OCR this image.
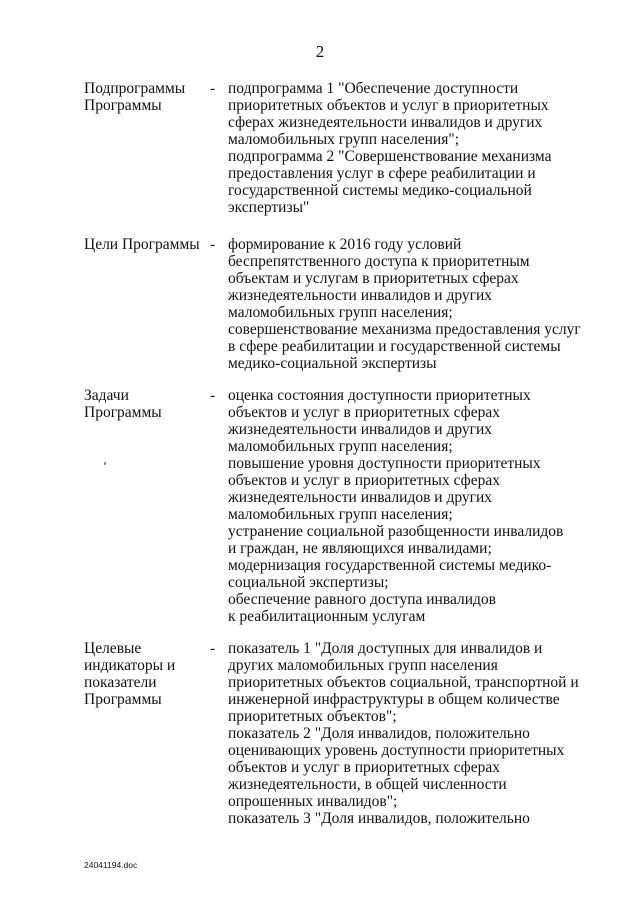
2
Подпрограммы
Программы
- подпрограмма 1 "Обеспечение доступности
приоритетных объектов и услуг в приоритетных
сферах жизнедеятельности инвалидов и других
маломобильных групп населения";
подпрограмма 2 "Совершенствование механизма
предоставления услуг в сфере реабилитации и
государственной системы медико-социальной
экспертизы"
Цели Программы - формирование к 2016 году условий
беспрепятственного доступа к приоритетным
объектам и услугам в приоритетных сферах
жизнедеятельности инвалидов и других
маломобильных групп населения;
совершенствование механизма предоставления услуг
в сфере реабилитации и государственной системы
медико-социальной экспертизы
Задачи
Программы
- оценка состояния доступности приоритетных
объектов и услуг в приоритетных сферах
жизнедеятельности инвалидов и других
маломобильных групп населения;
повышение уровня доступности приоритетных
объектов и услуг в приоритетных сферах
жизнедеятельности инвалидов и других
маломобильных групп населения;
устранение социальной разобщенности инвалидов
и граждан, не являющихся инвалидами;
модернизация государственной системы медико-
социальной экспертизы;
обеспечение равного доступа инвалидов
к реабилитационным услугам
Целевые
индикаторы и
показатели
Программы
- показатель 1 "Доля доступных для инвалидов и
других маломобильных групп населения
приоритетных объектов социальной, транспортной и
инженерной инфраструктуры в общем количестве
приоритетных объектов";
показатель 2 "Доля инвалидов, положительно
оценивающих уровень доступности приоритетных
объектов и услуг в приоритетных сферах
жизнедеятельности, в общей численности
опрошенных инвалидов";
показатель 3 "Доля инвалидов, положительно
24041194.doc
